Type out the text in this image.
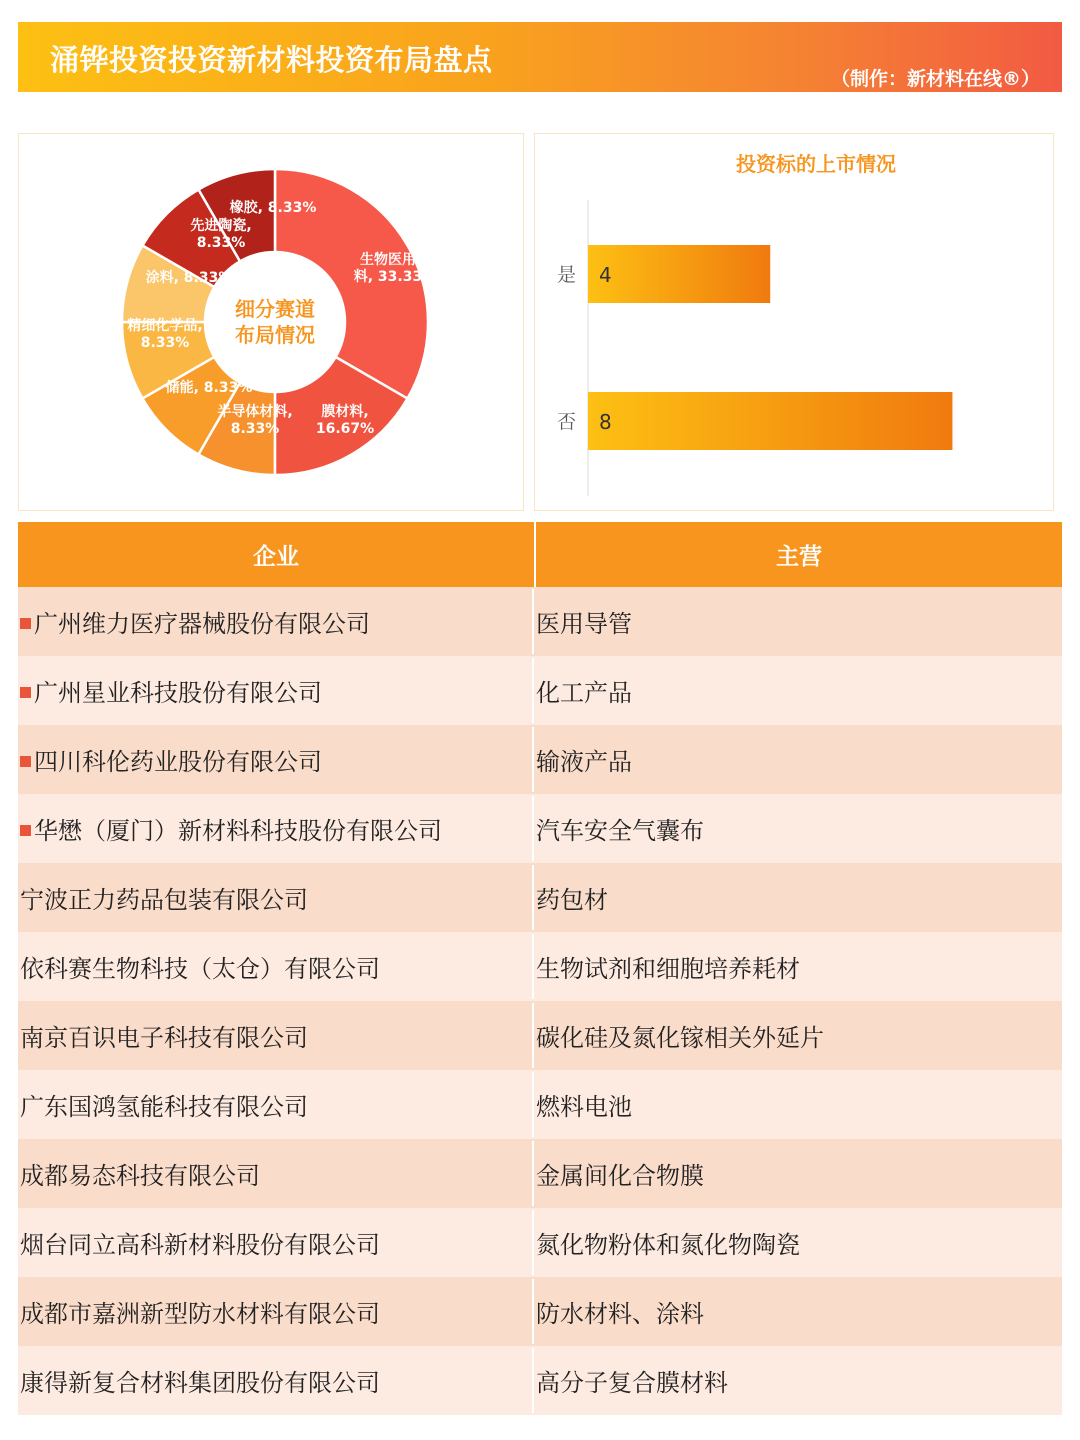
涌铧投资投资新材料投资布局盘点
（制作：新材料在线®）
生物医用材料, 33.33%
膜材料, 16.67%
半导体材料, 8.33%
储能, 8.33%
精细化学品, 8.33%
涂料, 8.33%
先进陶瓷, 8.33%
橡胶, 8.33%
细分赛道布局情况
投资标的上市情况
是 4
否 8
企业	主营
广州维力医疗器械股份有限公司	医用导管
广州星业科技股份有限公司	化工产品
四川科伦药业股份有限公司	输液产品
华懋（厦门）新材料科技股份有限公司	汽车安全气囊布
宁波正力药品包装有限公司	药包材
依科赛生物科技（太仓）有限公司	生物试剂和细胞培养耗材
南京百识电子科技有限公司	碳化硅及氮化镓相关外延片
广东国鸿氢能科技有限公司	燃料电池
成都易态科技有限公司	金属间化合物膜
烟台同立高科新材料股份有限公司	氮化物粉体和氮化物陶瓷
成都市嘉洲新型防水材料有限公司	防水材料、涂料
康得新复合材料集团股份有限公司	高分子复合膜材料
